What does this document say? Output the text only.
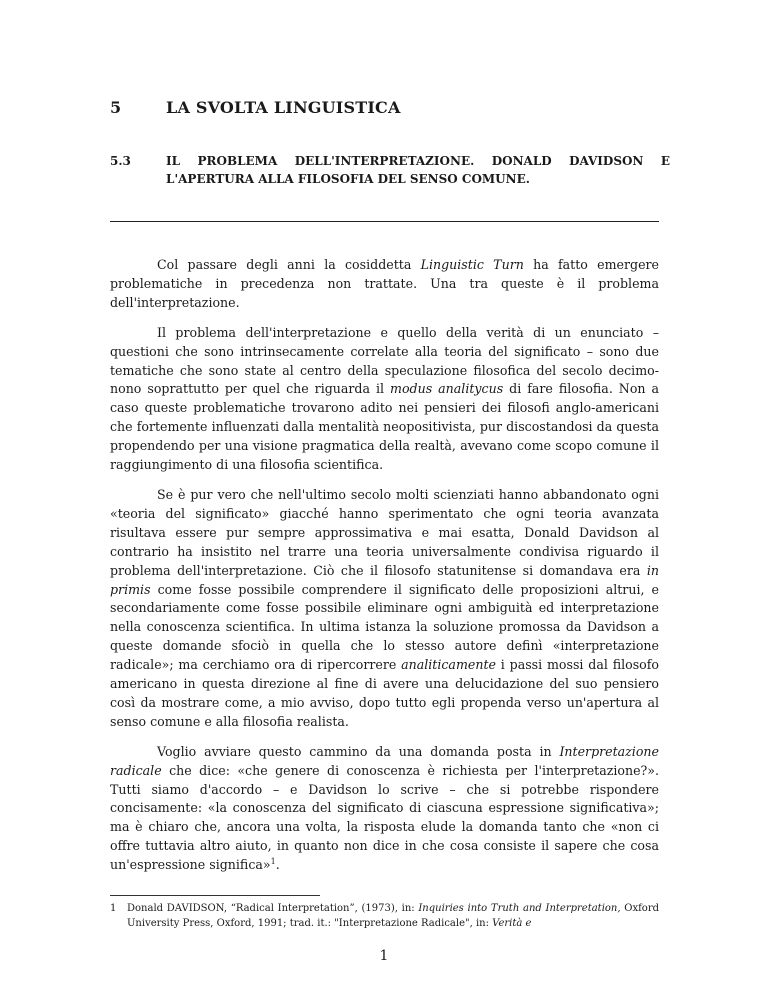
5	LA SVOLTA LINGUISTICA
5.3	IL PROBLEMA DELL'INTERPRETAZIONE. DONALD DAVIDSON E L'APERTURA ALLA FILOSOFIA DEL SENSO COMUNE.

Col passare degli anni la cosiddetta Linguistic Turn ha fatto emergere problematiche in precedenza non trattate. Una tra queste è il problema dell'interpretazione.

Il problema dell'interpretazione e quello della verità di un enunciato – questioni che sono intrinsecamente correlate alla teoria del significato – sono due tematiche che sono state al centro della speculazione filosofica del secolo decimo-nono soprattutto per quel che riguarda il modus analitycus di fare filosofia. Non a caso queste problematiche trovarono adito nei pensieri dei filosofi anglo-americani che fortemente influenzati dalla mentalità neopositivista, pur discostandosi da questa propendendo per una visione pragmatica della realtà, avevano come scopo comune il raggiungimento di una filosofia scientifica.

Se è pur vero che nell'ultimo secolo molti scienziati hanno abbandonato ogni «teoria del significato» giacché hanno sperimentato che ogni teoria avanzata risultava essere pur sempre approssimativa e mai esatta, Donald Davidson al contrario ha insistito nel trarre una teoria universalmente condivisa riguardo il problema dell'interpretazione. Ciò che il filosofo statunitense si domandava era in primis come fosse possibile comprendere il significato delle proposizioni altrui, e secondariamente come fosse possibile eliminare ogni ambiguità ed interpretazione nella conoscenza scientifica. In ultima istanza la soluzione promossa da Davidson a queste domande sfociò in quella che lo stesso autore definì «interpretazione radicale»; ma cerchiamo ora di ripercorrere analiticamente i passi mossi dal filosofo americano in questa direzione al fine di avere una delucidazione del suo pensiero così da mostrare come, a mio avviso, dopo tutto egli propenda verso un'apertura al senso comune e alla filosofia realista.

Voglio avviare questo cammino da una domanda posta in Interpretazione radicale che dice: «che genere di conoscenza è richiesta per l'interpretazione?». Tutti siamo d'accordo – e Davidson lo scrive – che si potrebbe rispondere concisamente: «la conoscenza del significato di ciascuna espressione significativa»; ma è chiaro che, ancora una volta, la risposta elude la domanda tanto che «non ci offre tuttavia altro aiuto, in quanto non dice in che cosa consiste il sapere che cosa un'espressione significa»$^1$.

1 Donald DAVIDSON, “Radical Interpretation”, (1973), in: Inquiries into Truth and Interpretation, Oxford University Press, Oxford, 1991; trad. it.: "Interpretazione Radicale", in: Verità e
1
